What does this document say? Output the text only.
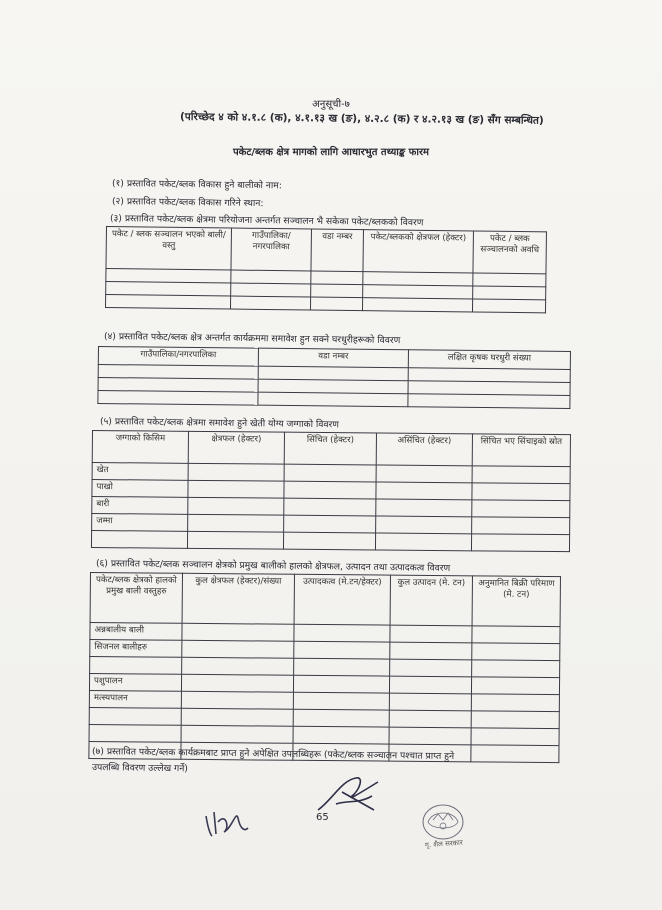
अनुसूची-७
(परिच्छेद ४ को ४.१.८ (क), ४.१.१३ ख (ङ), ४.२.८ (क) र ४.२.१३ ख (ङ) सँग सम्बन्धित)
पकेट/ब्लक क्षेत्र मागको लागि आधारभुत तथ्याङ्क फारम
(१) प्रस्तावित पकेट/ब्लक विकास हुने बालीको नाम:
(२) प्रस्तावित पकेट/ब्लक विकास गरिने स्थान:
(३) प्रस्तावित पकेट/ब्लक क्षेत्रमा परियोजना अन्तर्गत सञ्चालन भै सकेका पकेट/ब्लकको विवरण
पकेट / ब्लक सञ्चालन भएको बाली/वस्तु	गाउँपालिका/ नगरपालिका	वडा नम्बर	पकेट/ब्लकको क्षेत्रफल (हेक्टर)	पकेट / ब्लक सञ्चालनको अवधि

(४) प्रस्तावित पकेट/ब्लक क्षेत्र अन्तर्गत कार्यक्रममा समावेश हुन सक्ने घरधुरीहरूको विवरण
गाउँपालिका/नगरपालिका	वडा नम्बर	लक्षित कृषक घरधुरी संख्या

(५) प्रस्तावित पकेट/ब्लक क्षेत्रमा समावेश हुने खेती योग्य जग्गाको विवरण
जग्गाको किसिम	क्षेत्रफल (हेक्टर)	सिंचित (हेक्टर)	असिंचित (हेक्टर)	सिंचित भए सिंचाइको स्रोत
खेत				
पाखो				
बारी				
जम्मा				

(६) प्रस्तावित पकेट/ब्लक सञ्चालन क्षेत्रको प्रमुख बालीको हालको क्षेत्रफल, उत्पादन तथा उत्पादकत्व विवरण
पकेट/ब्लक क्षेत्रको हालको प्रमुख बाली वस्तुहरु	कुल क्षेत्रफल (हेक्टर)/संख्या	उत्पादकत्व (मे.टन/हेक्टर)	कुल उत्पादन (मे. टन)	अनुमानित बिक्री परिमाण (मे. टन)
अन्नबालीय बाली				
सिजनल बालीहरु				

पशुपालन				
मत्स्यपालन				

(७) प्रस्तावित पकेट/ब्लक कार्यक्रमबाट प्राप्त हुने अपेक्षित उपलब्धिहरू (पकेट/ब्लक सञ्चालन पश्चात प्राप्त हुने
उपलब्धि विवरण उल्लेख गर्ने)
65
गृ. शैल सरकार
